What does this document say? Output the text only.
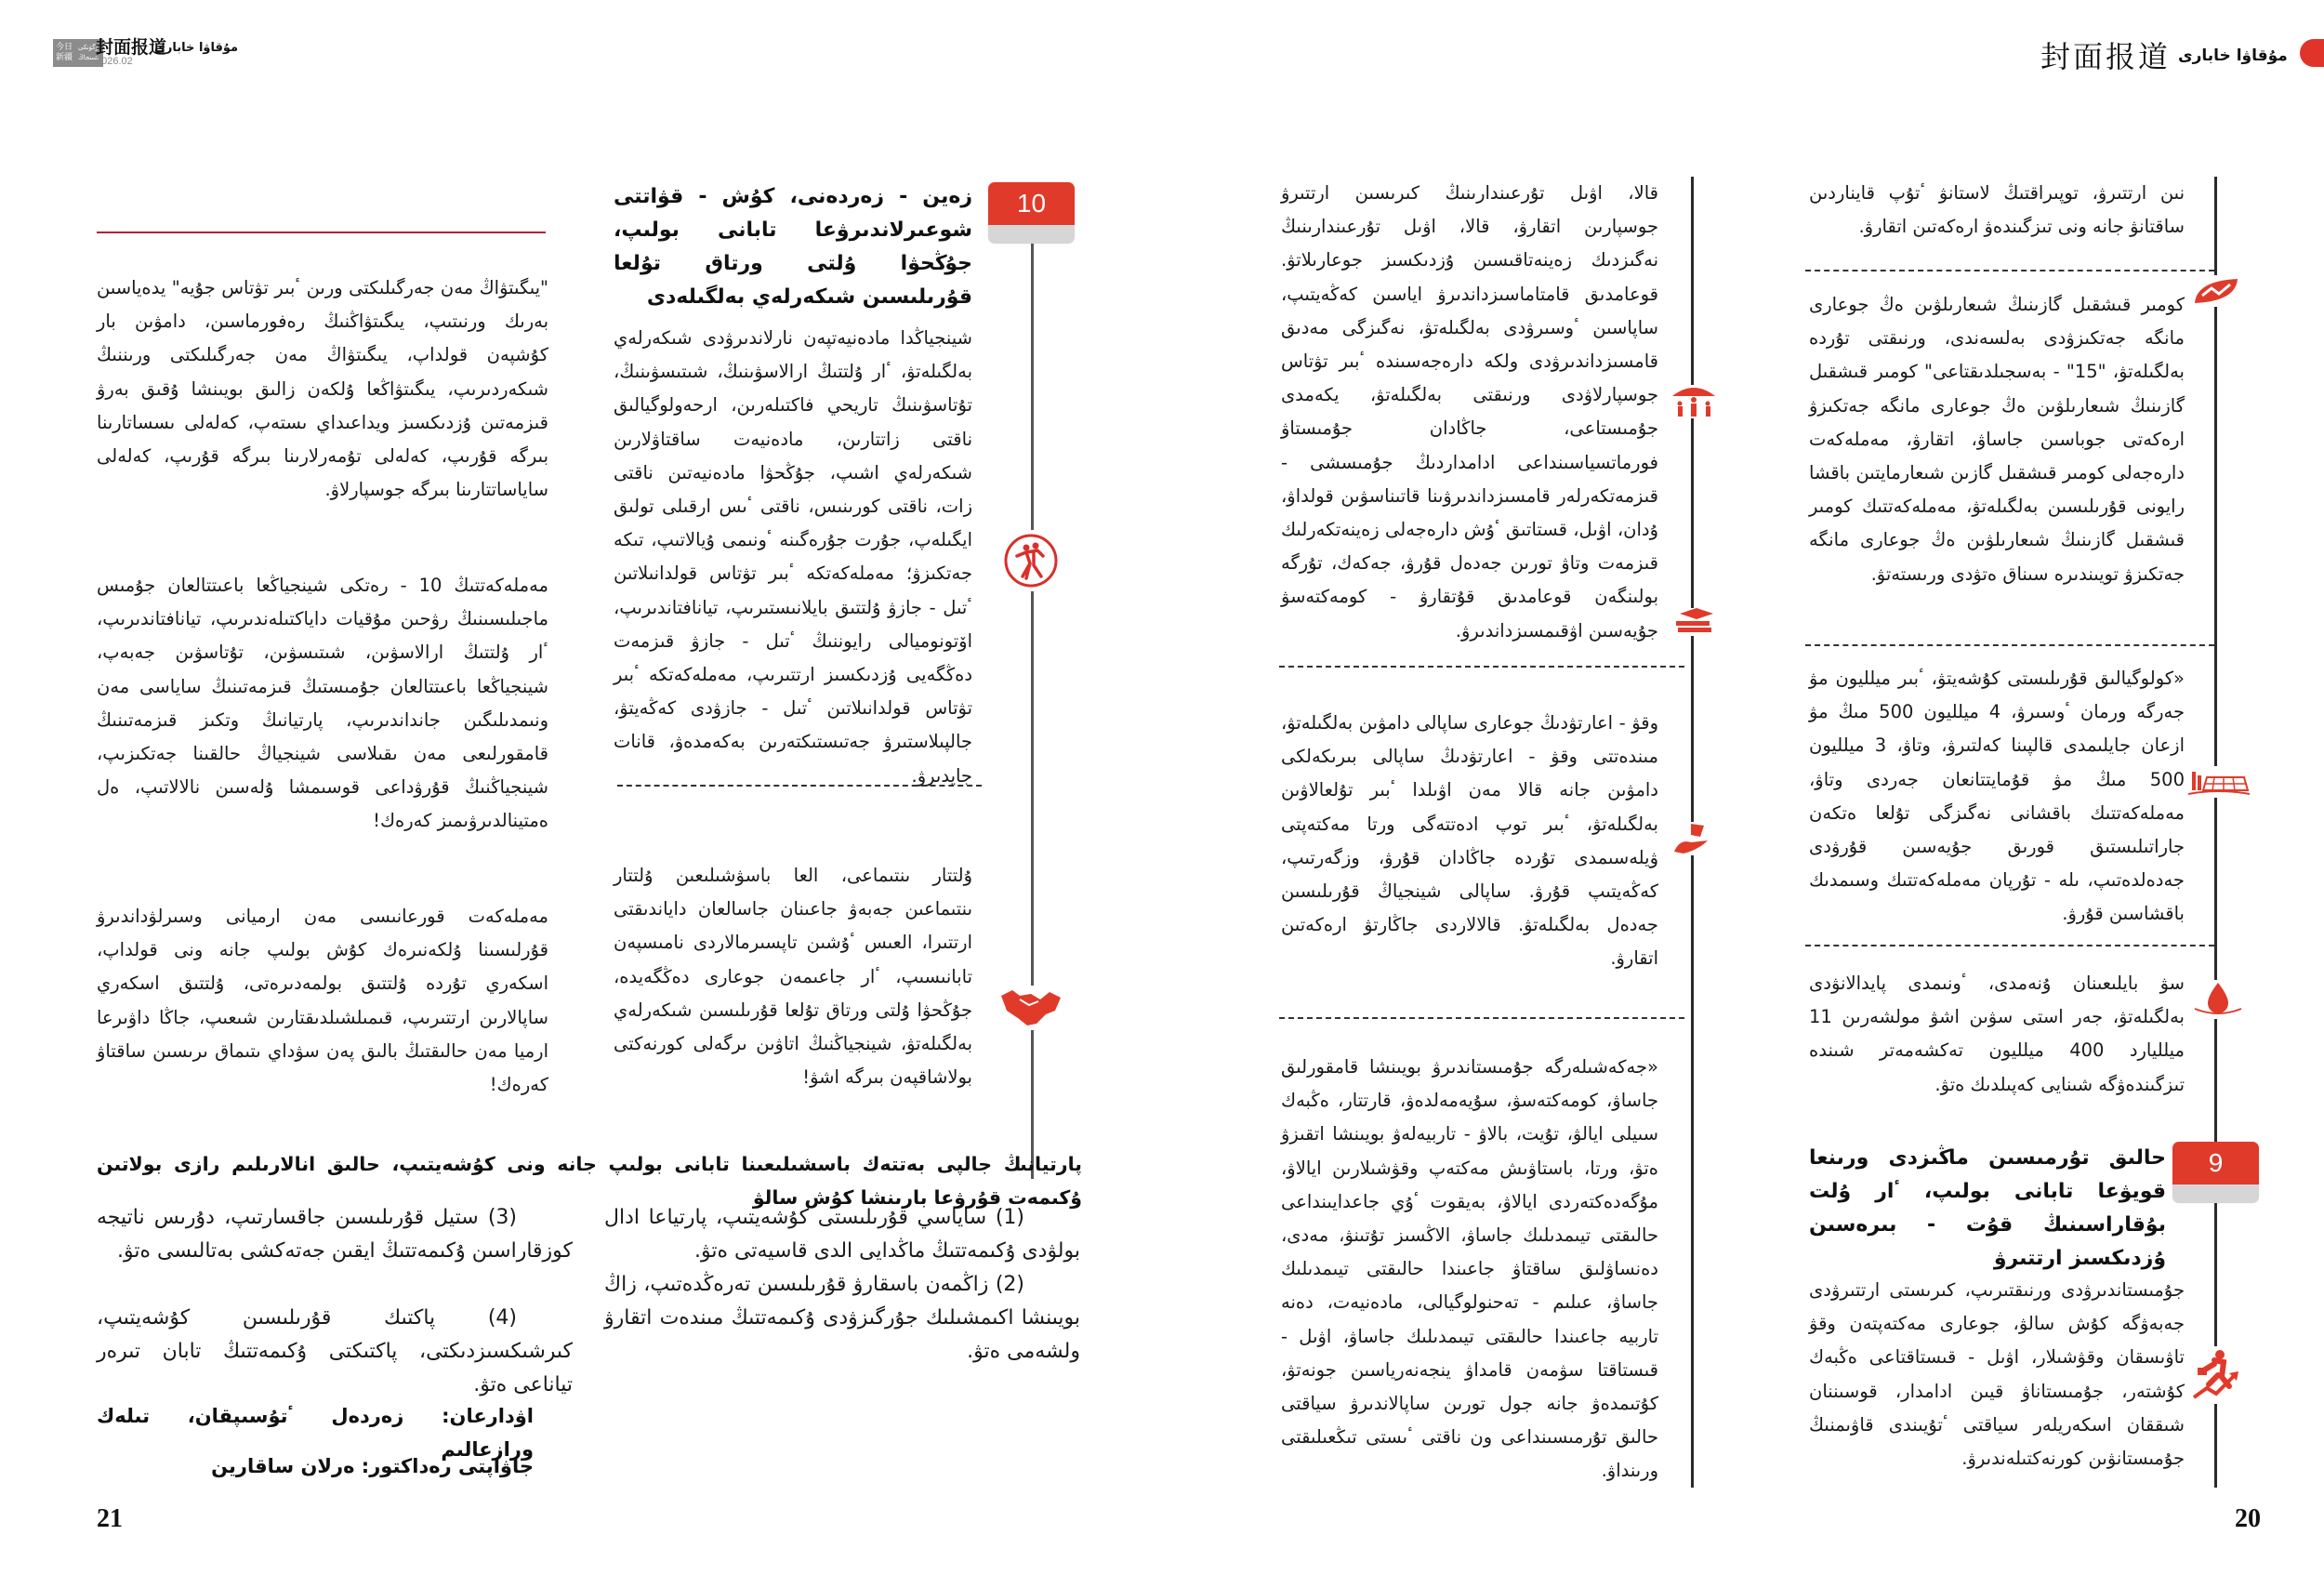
今日
新疆
بۇگۈنكى
شىنجاڭ
封面报道
2026.02
مۇقاۋا خابارى	封面报道 مۇقاۋا خابارى
"يىگىتۋاڭ مەن جەرگىلىكتى ورىن ٴبىر تۋتاس جۇيە" يدەياسىن بەرىك ورنىتىپ، يىگىتۋاڭنىڭ رەفورماسىن، دامۋىن بار كۇشپەن قولداپ، يىگىتۋاڭ مەن جەرگىلىكتى ورىننىڭ شىكەردىرىپ، يىگىتۋاڭعا ۇلكەن زالىق بويىنشا ۇقىق بەرۋ قىزمەتىن ۇزدىكسىز ويداعىداي ىستەپ، كەلەلى ىسساتارىنا بىرگە قۇرىپ، كەلەلى تۇمەرلارىنا بىرگە قۇرىپ، كەلەلى ساياساتتارىنا بىرگە جوسپارلاۋ.
مەملەكەتتىڭ 10 - رەتكى شينجياڭعا باعىتتالعان جۇمىس ماجىلىسىنىڭ رۋحىن مۇقيات داياكتىلەندىرىپ، تيانافتاندىرىپ، ٴار ۇلتتىڭ اراﻻسۋىن، شىتىسۋىن، تۇتاسۋىن جەبەپ، شينجياڭعا باعىتتالعان جۇمىستىڭ قىزمەتىنىڭ ساياسى مەن ونىمدىلىگىن جانداندىرىپ، پارتيانىڭ وتكىز قىزمەتىنىڭ قامقورلىعى مەن ىقىلاسى شينجياڭ حالقىنا جەتكىزىپ، شينجياڭنىڭ قۇرۋداعى قوسىمشا ۇلەسىن نالالاتىپ، ەل ەمتينالدىرۋىمىز كەرەك!
مەملەكەت قورعانىسى مەن ارميانى وسىرلۋداندىرۋ قۇرلىسىنا ۇلكەنىرەك كۇش بولىپ جانە ونى قولداپ، اسكەري تۇردە ۇلتتىق بولمەدىرەتى، ۇلتتىق اسكەري ساپالارىن ارتتىرىپ، قىمىلشىلدىقتارىن شىعىپ، جاڭا داۋىرعا ارميا مەن حالىقتىڭ بالىق پەن سۋداي ىتىماق ىرىسىن ساقتاۋ كەرەك!
10
زەين - زەردەنى، كۇش - قۋاتتى شوعىرلاندىرۋعا تابانى بولىپ، جۇڭحۋا ۇلتى ورتاق تۇلعا قۇرىلىسىن شىكەرلەي بەلگىلەدى
شينجياڭدا مادەنيەتپەن نارلاندىرۋدى شىكەرلەي بەلگىلەتۋ، ٴار ۇلتتىڭ اراﻻسۋىنىڭ، شىتىسۋىنىڭ، تۇتاسۋىنىڭ تاريحي فاكتىلەرىن، ارحەولوگيالىق ناقتى زاتتارىن، مادەنيەت ساقتاۋلارىن شىكەرلەي اشىپ، جۇڭحۋا مادەنيەتىن ناقتى زات، ناقتى كورىنىس، ناقتى ٴىس ارقىلى تولىق ايگىلەپ، جۇرت جۇرەگىنە ٴونىمى ۇيالاتىپ، تىكە جەتكىزۋ؛ مەملەكەتكە ٴبىر تۋتاس قولدانىلاتىن ٴتىل - جازۋ ۇلتتىق بايلانىستىرىپ، تيانافتاندىرىپ، اۆتونوميالى رايوننىڭ ٴتىل - جازۋ قىزمەت دەڭگەيى ۇزدىكسىز ارتتىرىپ، مەملەكەتكە ٴبىر تۋتاس قولدانىلاتىن ٴتىل - جازۋدى كەڭەيتۋ، جالپىلاستىرۋ جەتىستىكتەرىن بەكەمدەۋ، قانات جايدىرۋ.
ۇلتتار ىنتىماعى، العا باسۋشىلىعىن ۇلتتار ىنتىماعىن جەبەۋ جاعىنان جاسالعان داياندىقتى ارتتىرا، العىس ٴۇشىن تاپسىرمالاردى نامىسپەن تابانىسىپ، ٴار جاعىمەن جوعارى دەڭگەيدە، جۇڭحۋا ۇلتى ورتاق تۇلعا قۇرىلىسىن شىكەرلەي بەلگىلەتۋ، شينجياڭنىڭ اتاۋىن ىرگەلى كورنەكتى بولاشاقپەن بىرگە اشۋ!
پارتيانىڭ جالپى بەتتەك باسشىلىعىنا تابانى بولىپ جانە ونى كۇشەيتىپ، حالىق انالارىلىم رازى بولاتىن ۇكىمەت قۇرۋعا بارىنشا كۇش سالۋ
(1) ساياسي قۇرىلىستى كۇشەيتىپ، پارتياعا ادال بولۋدى ۇكىمەتتىڭ ماڭدايى الدى قاسيەتى ەتۋ.
(2) زاڭمەن باسقارۋ قۇرىلىسىن تەرەڭدەتىپ، زاڭ بويىنشا اكىمشىلىك جۇرگىزۋدى ۇكىمەتتىڭ مىندەت اتقارۋ ولشەمى ەتۋ.
(3) ستيل قۇرىلىسىن جاقسارتىپ، دۇرىس ناتيجە كوزقاراسىن ۇكىمەتتىڭ ايقىن جەتەكشى بەتالىسى ەتۋ.
(4) پاكتىك قۇرىلىسىن كۇشەيتىپ، كىرشىكسىزدىكتى، پاكتىكتى ۇكىمەتتىڭ تابان تىرەر تياناعى ەتۋ.
اۋدارعان: زەردەل ٴتۇسىپقان، تىلەك ورازعالىم
جاۋاپتى رەداكتور: ەرلان ساقارين
21
قالا، اۋىل تۇرعىندارىنىڭ كىرىسىن ارتتىرۋ جوسپارىن اتقارۋ، قالا، اۋىل تۇرعىندارىنىڭ نەگىزدىك زەينەتاقىسىن ۇزدىكسىز جوعارىلاتۋ. قوعامدىق قامتاماسىزداندىرۋ اياسىن كەڭەيتىپ، ساپاسىن ٴوسىرۋدى بەلگىلەتۋ، نەگىزگى مەدىق قامسىزداندىرۋدى ولكە دارەجەسىندە ٴبىر تۋتاس جوسپارلاۋدى ورنىقتى بەلگىلەتۋ، يكەمدى جۇمىستاعى، جاڭادان جۇمىستاۋ فورماتسياسىنداعى ادامداردىڭ جۇمىسشى - قىزمەتكەرلەر قامسىزداندىرۋىنا قاتىناسۋىن قولداۋ، ۇدان، اۋىل، قستاتىق ٴۇش دارەجەلى زەينەتكەرلىك قىزمەت وتاۋ تورىن جەدەل قۇرۋ، جەكەك، تۇرگە بولىنگەن قوعامدىق قۇتقارۋ - كومەكتەسۋ جۇيەسىن اۋقىمسىزداندىرۋ.
وقۋ - اعارتۋدىڭ جوعارى ساپالى دامۋىن بەلگىلەتۋ، مىندەتتى وقۋ - اعارتۋدىڭ ساپالى بىرىكەلكى دامۋىن جانە قالا مەن اۋىلدا ٴبىر تۇلعالاۋىن بەلگىلەتۋ، ٴبىر توپ ادەتتەگى ورتا مەكتەپتى ۋيلەسىمدى تۇردە جاڭادان قۇرۋ، وزگەرتىپ، كەڭەيتىپ قۇرۋ. ساپالى شينجياڭ قۇرىلىسىن جەدەل بەلگىلەتۋ. قالالاردى جاڭارتۋ ارەكەتىن اتقارۋ.
«جەكەشىلەرگە جۇمىستاندىرۋ بويىنشا قامقورلىق جاساۋ، كومەكتەسۋ، سۇيەمەلدەۋ، قارتتار، ەڭبەك سىيلى ايالۋ، تۇيت، باﻻۋ - تاربيەلەۋ بويىنشا اتقىزۋ ەتۋ، ورتا، باستاۋىش مەكتەپ وقۋشىلارىن ايالاۋ، مۇگەدەكتەردى ايالاۋ، بەيقوت ٴۇي جاعدايىنداعى حالىقتى تيىمدىلىك جاساۋ، الاڭسىز تۇتىنۋ، مەدى، دەنساۋلىق ساقتاۋ جاعىندا حالىقتى تيىمدىلىك جاساۋ، عىلىم - تەحنولوگيالى، مادەنيەت، دەنە تاربيە جاعىندا حالىقتى تيىمدىلىك جاساۋ، اۋىل - قىستاقتا سۋمەن قامداۋ ينجەنەرياسىن جونەتۋ، كۇتىمدەۋ جانە جول تورىن ساپالاندىرۋ سياقتى حالىق تۇرمىسىنداعى ون ناقتى ٴىستى تىڭعىلىقتى ورىنداۋ.
نىن ارتتىرۋ، توپىراقتىڭ لاستانۋ ٴتۇپ قايناردىن ساقتانۋ جانە ونى تىزگىندەۋ ارەكەتىن اتقارۋ.
كومىر قىشقىل گازىنىڭ شىعارىلۋىن ەڭ جوعارى مانگە جەتكىزۋدى بەلسەندى، ورنىقتى تۇردە بەلگىلەتۋ، "15" - بەسجىلدىقتاعى" كومىر قىشقىل گازىنىڭ شىعارىلۋىن ەڭ جوعارى مانگە جەتكىزۋ ارەكەتى جوباسىن جاساۋ، اتقارۋ، مەملەكەت دارەجەلى كومىر قىشقىل گازىن شىعارمايتىن باقشا رايونى قۇرىلىسىن بەلگىلەتۋ، مەملەكەتتىك كومىر قىشقىل گازىنىڭ شىعارىلۋىن ەڭ جوعارى مانگە جەتكىزۋ تويىندىرە سىناق ەتۋدى ورىستەتۋ.
«كولوگيالىق قۇرىلىستى كۇشەيتۋ، ٴبىر ميلليون مۋ جەرگە ورمان ٴوسىرۋ، 4 ميلليون 500 مىڭ مۋ ازعان جايلىمدى قالپىنا كەلتىرۋ، وتاۋ، 3 ميلليون 500 مىڭ مۋ قۇمايتتانعان جەردى وتاۋ، مەملەكەتتىك باقشانى نەگىزگى تۇلعا ەتكەن جاراتىلىستىق قورىق جۇيەسىن قۇرۋدى جەدەلدەتىپ، ىلە - تۇرپان مەملەكەتتىك وسىمدىك باقشاسىن قۇرۋ.
سۋ بايلىعىنان ۇنەمدى، ٴونىمدى پايدالانۋدى بەلگىلەتۋ، جەر استى سۋىن اشۋ مولشەرىن 11 ميلليارد 400 ميلليون تەكشەمەتر شىندە تىزگىندەۋگە شىنايى كەپىلدىك ەتۋ.
9
حالىق تۇرمىسىن ماڭىزدى ورىنعا قويۋعا تابانى بولىپ، ٴار ۇلت بۇقاراسىنىڭ قۇت - بىرەسىن ۇزدىكسىز ارتتىرۋ
جۇمىستاندىرۋدى ورنىقتىرىپ، كىرىستى ارتتىرۋدى جەبەۋگە كۇش سالۋ، جوعارى مەكتەپتەن وقۋ تاۋىسقان وقۋشىلار، اۋىل - قىستاقتاعى ەڭبەك كۇشتەر، جۇمىستاناۋ قيىن ادامدار، قوسىننان شىققان اسكەريلەر سياقتى ٴتۇيىندى قاۋىمنىڭ جۇمىستانۋىن كورنەكتىلەندىرۋ.
20
